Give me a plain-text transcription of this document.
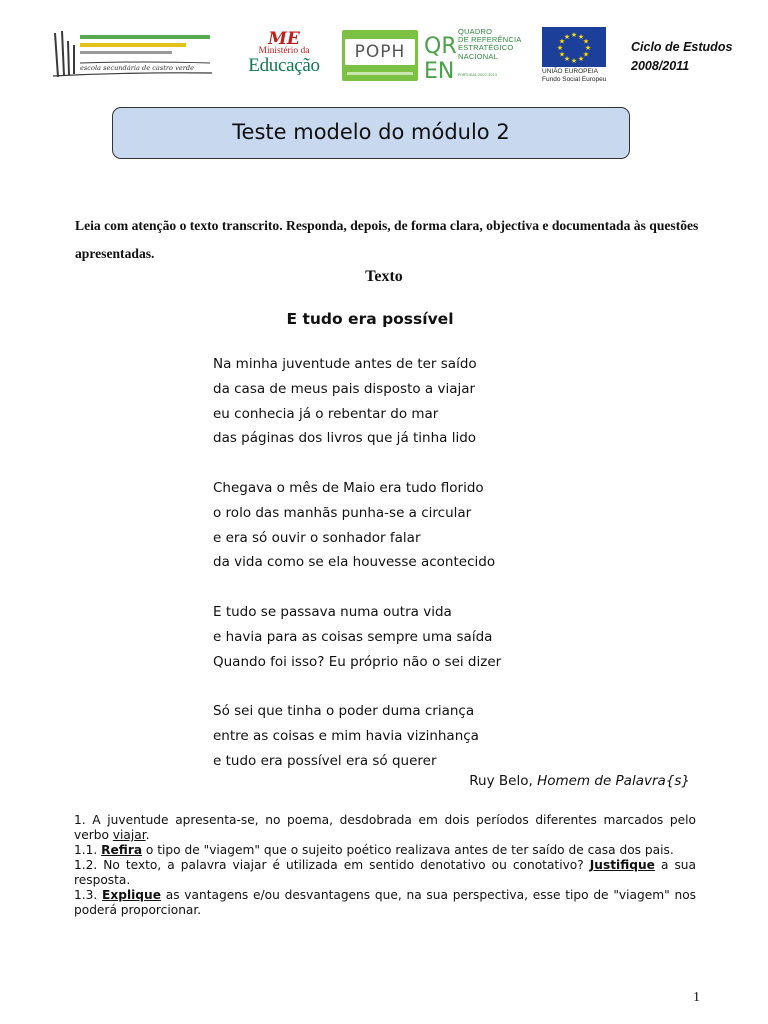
escola secundária de castro verde
ME
Ministério da
Educação
POPH QR
EN
QUADRO
DE REFERÊNCIA
ESTRATÉGICO
NACIONAL
PORTUGAL 2007-2013
★ ★
★
★
★
★
★
★
★
★
★
★
UNIÃO EUROPEIA
Fundo Social Europeu
Ciclo de Estudos
2008/2011
Teste modelo do módulo 2
Leia com atenção o texto transcrito. Responda, depois, de forma clara, objectiva e documentada às questões apresentadas.
Texto
E tudo era possível
Na minha juventude antes de ter saído
da casa de meus pais disposto a viajar
eu conhecia já o rebentar do mar
das páginas dos livros que já tinha lido
Chegava o mês de Maio era tudo florido
o rolo das manhãs punha-se a circular
e era só ouvir o sonhador falar
da vida como se ela houvesse acontecido
E tudo se passava numa outra vida
e havia para as coisas sempre uma saída
Quando foi isso? Eu próprio não o sei dizer
Só sei que tinha o poder duma criança
entre as coisas e mim havia vizinhança
e tudo era possível era só querer
Ruy Belo, Homem de Palavra{s}

1. A juventude apresenta-se, no poema, desdobrada em dois períodos diferentes marcados pelo verbo viajar.

1.1. Refira o tipo de "viagem" que o sujeito poético realizava antes de ter saído de casa dos pais.

1.2. No texto, a palavra viajar é utilizada em sentido denotativo ou conotativo? Justifique a sua resposta.

1.3. Explique as vantagens e/ou desvantagens que, na sua perspectiva, esse tipo de "viagem" nos poderá proporcionar.

1
